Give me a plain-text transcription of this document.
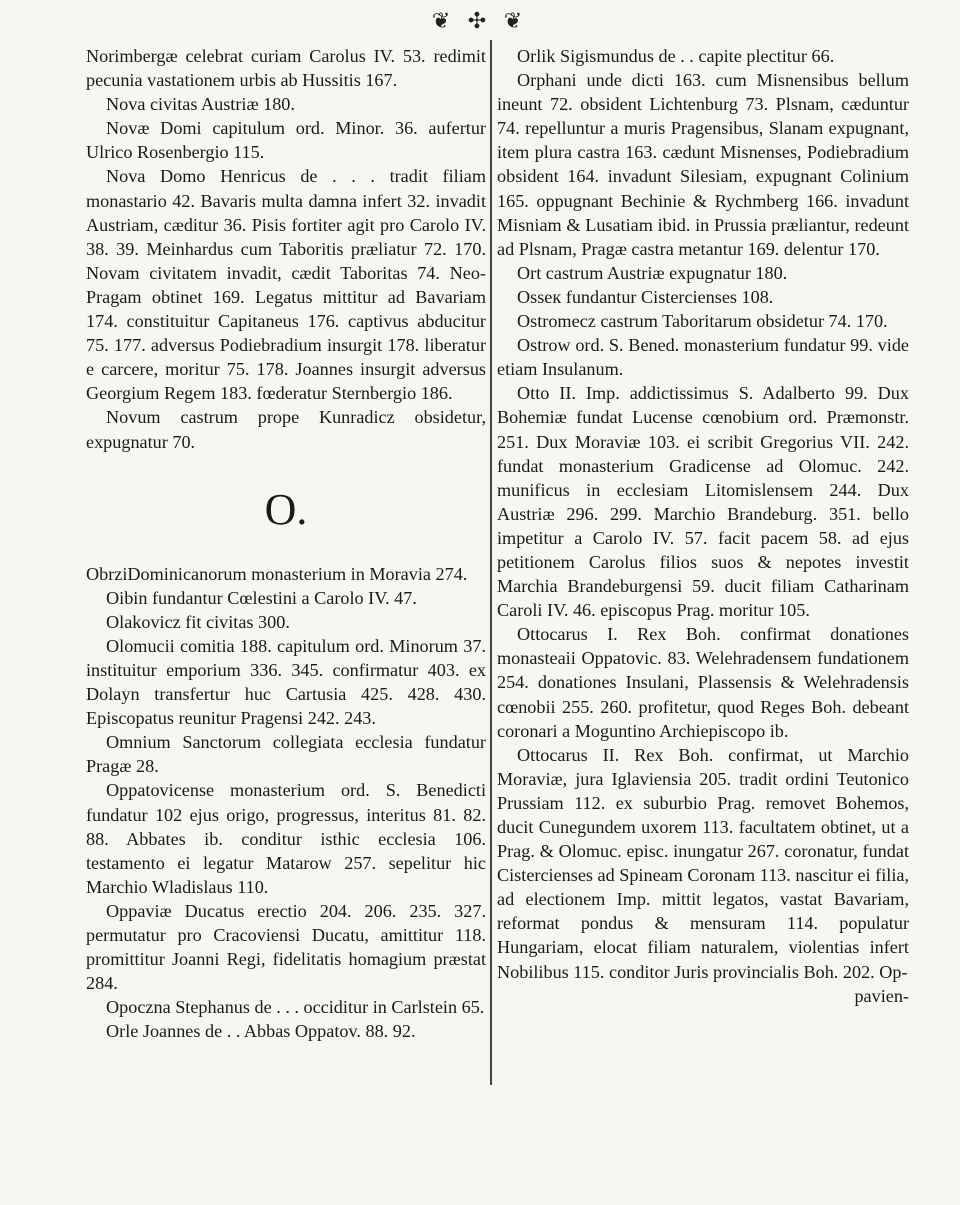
❦ ✣ ❦

Norimbergæ celebrat curiam Carolus IV. 53. redimit pecunia vastationem urbis ab Hussitis 167.

Nova civitas Austriæ 180.

Novæ Domi capitulum ord. Minor. 36. aufertur Ulrico Rosenbergio 115.

Nova Domo Henricus de . . . tradit filiam monastario 42. Bavaris multa damna infert 32. invadit Austriam, cæditur 36. Pisis fortiter agit pro Carolo IV. 38. 39. Meinhardus cum Taboritis præliatur 72. 170. Novam civitatem invadit, cædit Taboritas 74. Neo-Pragam obtinet 169. Legatus mittitur ad Bavariam 174. constituitur Capitaneus 176. captivus abducitur 75. 177. adversus Podiebradium insurgit 178. liberatur e carcere, moritur 75. 178. Joannes insurgit adversus Georgium Regem 183. fœderatur Sternbergio 186.

Novum castrum prope Kunradicz obsidetur, expugnatur 70.

O.

ObrziDominicanorum monasterium in Moravia 274.

Oibin fundantur Cœlestini a Carolo IV. 47.

Olakovicz fit civitas 300.

Olomucii comitia 188. capitulum ord. Minorum 37. instituitur emporium 336. 345. confirmatur 403. ex Dolayn transfertur huc Cartusia 425. 428. 430. Episcopatus reunitur Pragensi 242. 243.

Omnium Sanctorum collegiata ecclesia fundatur Pragæ 28.

Oppatovicense monasterium ord. S. Benedicti fundatur 102 ejus origo, progressus, interitus 81. 82. 88. Abbates ib. conditur isthic ecclesia 106. testamento ei legatur Matarow 257. sepelitur hic Marchio Wladislaus 110.

Oppaviæ Ducatus erectio 204. 206. 235. 327. permutatur pro Cracoviensi Ducatu, amittitur 118. promittitur Joanni Regi, fidelitatis homagium præstat 284.

Opoczna Stephanus de . . . occiditur in Carlstein 65.

Orle Joannes de . . Abbas Oppatov. 88. 92.

Orlik Sigismundus de . . capite plectitur 66.

Orphani unde dicti 163. cum Misnensibus bellum ineunt 72. obsident Lichtenburg 73. Plsnam, cæduntur 74. repelluntur a muris Pragensibus, Slanam expugnant, item plura castra 163. cædunt Misnenses, Podiebradium obsident 164. invadunt Silesiam, expugnant Colinium 165. oppugnant Bechinie & Rychmberg 166. invadunt Misniam & Lusatiam ibid. in Prussia præliantur, redeunt ad Plsnam, Pragæ castra metantur 169. delentur 170.

Ort castrum Austriæ expugnatur 180.

Osseк fundantur Cistercienses 108.

Ostromecz castrum Taboritarum obsidetur 74. 170.

Ostrow ord. S. Bened. monasterium fundatur 99. vide etiam Insulanum.

Otto II. Imp. addictissimus S. Adalberto 99. Dux Bohemiæ fundat Lucense cœnobium ord. Præmonstr. 251. Dux Moraviæ 103. ei scribit Gregorius VII. 242. fundat monasterium Gradicense ad Olomuc. 242. munificus in ecclesiam Litomislensem 244. Dux Austriæ 296. 299. Marchio Brandeburg. 351. bello impetitur a Carolo IV. 57. facit pacem 58. ad ejus petitionem Carolus filios suos & nepotes investit Marchia Brandeburgensi 59. ducit filiam Catharinam Caroli IV. 46. episcopus Prag. moritur 105.

Ottocarus I. Rex Boh. confirmat donationes monasteaii Oppatovic. 83. Welehradensem fundationem 254. donationes Insulani, Plassensis & Welehradensis cœnobii 255. 260. profitetur, quod Reges Boh. debeant coronari a Moguntino Archiepiscopo ib.

Ottocarus II. Rex Boh. confirmat, ut Marchio Moraviæ, jura Iglaviensia 205. tradit ordini Teutonico Prussiam 112. ex suburbio Prag. removet Bohemos, ducit Cunegundem uxorem 113. facultatem obtinet, ut a Prag. & Olomuc. episc. inungatur 267. coronatur, fundat Cistercienses ad Spineam Coronam 113. nascitur ei filia, ad electionem Imp. mittit legatos, vastat Bavariam, reformat pondus & mensuram 114. populatur Hungariam, elocat filiam naturalem, violentias infert Nobilibus 115. conditor Juris provincialis Boh. 202. Op-

pavien-
